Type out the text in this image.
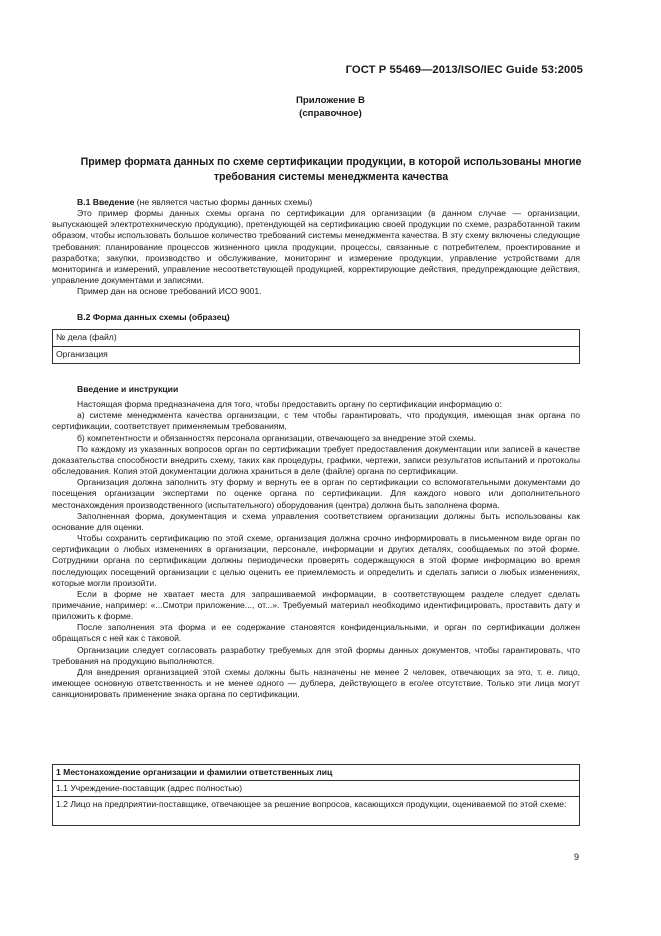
ГОСТ Р 55469—2013/ISO/IEC Guide 53:2005
Приложение В
(справочное)
Пример формата данных по схеме сертификации продукции, в которой использованы многие требования системы менеджмента качества

В.1 Введение (не является частью формы данных схемы)

Это пример формы данных схемы органа по сертификации для организации (в данном случае — организации, выпускающей электротехническую продукцию), претендующей на сертификацию своей продукции по схеме, разработанной таким образом, чтобы использовать большое количество требований системы менеджмента качества. В эту схему включены следующие требования: планирование процессов жизненного цикла продукции, процессы, связанные с потребителем, проектирование и разработка; закупки, производство и обслуживание, мониторинг и измерение продукции, управление устройствами для мониторинга и измерений, управление несоответствующей продукцией, корректирующие действия, предупреждающие действия, управление документами и записями.

Пример дан на основе требований ИСО 9001.

В.2 Форма данных схемы (образец)

№ дела (файл)
Организация

Введение и инструкции

Настоящая форма предназначена для того, чтобы предоставить органу по сертификации информацию о:

а) системе менеджмента качества организации, с тем чтобы гарантировать, что продукция, имеющая знак органа по сертификации, соответствует применяемым требованиям,

б) компетентности и обязанностях персонала организации, отвечающего за внедрение этой схемы.

По каждому из указанных вопросов орган по сертификации требует предоставления документации или записей в качестве доказательства способности внедрить схему, таких как процедуры, графики, чертежи, записи результатов испытаний и протоколы обследования. Копия этой документации должна храниться в деле (файле) органа по сертификации.

Организация должна заполнить эту форму и вернуть ее в орган по сертификации со вспомогательными документами до посещения организации экспертами по оценке органа по сертификации. Для каждого нового или дополнительного местонахождения производственного (испытательного) оборудования (центра) должна быть заполнена форма.

Заполненная форма, документация и схема управления соответствием организации должны быть использованы как основание для оценки.

Чтобы сохранить сертификацию по этой схеме, организация должна срочно информировать в письменном виде орган по сертификации о любых изменениях в организации, персонале, информации и других деталях, сообщаемых по этой форме. Сотрудники органа по сертификации должны периодически проверять содержащуюся в этой форме информацию во время последующих посещений организации с целью оценить ее приемлемость и определить и сделать записи о любых изменениях, которые могли произойти.

Если в форме не хватает места для запрашиваемой информации, в соответствующем разделе следует сделать примечание, например: «...Смотри приложение..., от...». Требуемый материал необходимо идентифицировать, проставить дату и приложить к форме.

После заполнения эта форма и ее содержание становятся конфиденциальными, и орган по сертификации должен обращаться с ней как с таковой.

Организации следует согласовать разработку требуемых для этой формы данных документов, чтобы гарантировать, что требования на продукцию выполняются.

Для внедрения организацией этой схемы должны быть назначены не менее 2 человек, отвечающих за это, т. е. лицо, имеющее основную ответственность и не менее одного — дублера, действующего в его/ее отсутствие. Только эти лица могут санкционировать применение знака органа по сертификации.

1 Местонахождение организации и фамилии ответственных лиц
1.1 Учреждение-поставщик (адрес полностью)
1.2 Лицо на предприятии-поставщике, отвечающее за решение вопросов, касающихся продукции, оцениваемой по этой схеме:
9
